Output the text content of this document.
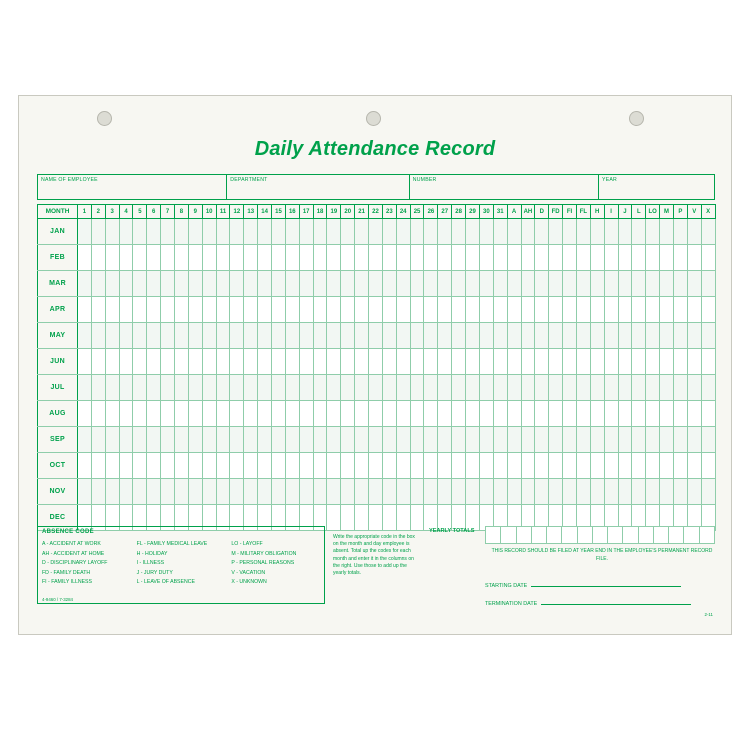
Daily Attendance Record
NAME OF EMPLOYEE	DEPARTMENT	NUMBER	YEAR
MONTH	1	2	3	4	5	6	7	8	9	10	11	12	13	14	15	16	17	18	19	20	21	22	23	24	25	26	27	28	29	30	31	A	AH	D	FD	FI	FL	H	I	J	L	LO	M	P	V	X
JAN																																														
FEB																																														
MAR																																														
APR																																														
MAY																																														
JUN																																														
JUL																																														
AUG																																														
SEP																																														
OCT																																														
NOV																																														
DEC																																														
ABSENCE CODE
A - ACCIDENT AT WORK
AH - ACCIDENT AT HOME
D - DISCIPLINARY LAYOFF
FD - FAMILY DEATH
FI - FAMILY ILLNESS
FL - FAMILY MEDICAL LEAVE
H - HOLIDAY
I - ILLNESS
J - JURY DUTY
L - LEAVE OF ABSENCE
LO - LAYOFF
M - MILITARY OBLIGATION
P - PERSONAL REASONS
V - VACATION
X - UNKNOWN
4-9460 / 7-3284
Write the appropriate code in the box on the month and day employee is absent. Total up the codes for each month and enter it in the columns on the right. Use those to add up the yearly totals.
YEARLY TOTALS

THIS RECORD SHOULD BE FILED AT YEAR END IN THE EMPLOYEE'S PERMANENT RECORD FILE.
STARTING DATE
TERMINATION DATE
2-11
